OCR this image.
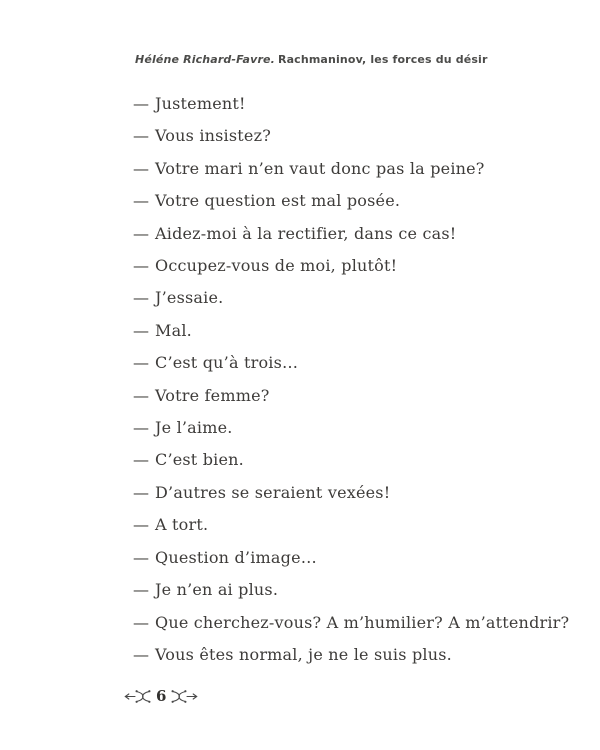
Héléne Richard-Favre. Rachmaninov, les forces du désir

— Justement!

— Vous insistez?

— Votre mari n’en vaut donc pas la peine?

— Votre question est mal posée.

— Aidez-moi à la rectifier, dans ce cas!

— Occupez-vous de moi, plutôt!

— J’essaie.

— Mal.

— C’est qu’à trois…

— Votre femme?

— Je l’aime.

— C’est bien.

— D’autres se seraient vexées!

— A tort.

— Question d’image…

— Je n’en ai plus.

— Que cherchez-vous? A m’humilier? A m’attendrir?

— Vous êtes normal, je ne le suis plus.

6
